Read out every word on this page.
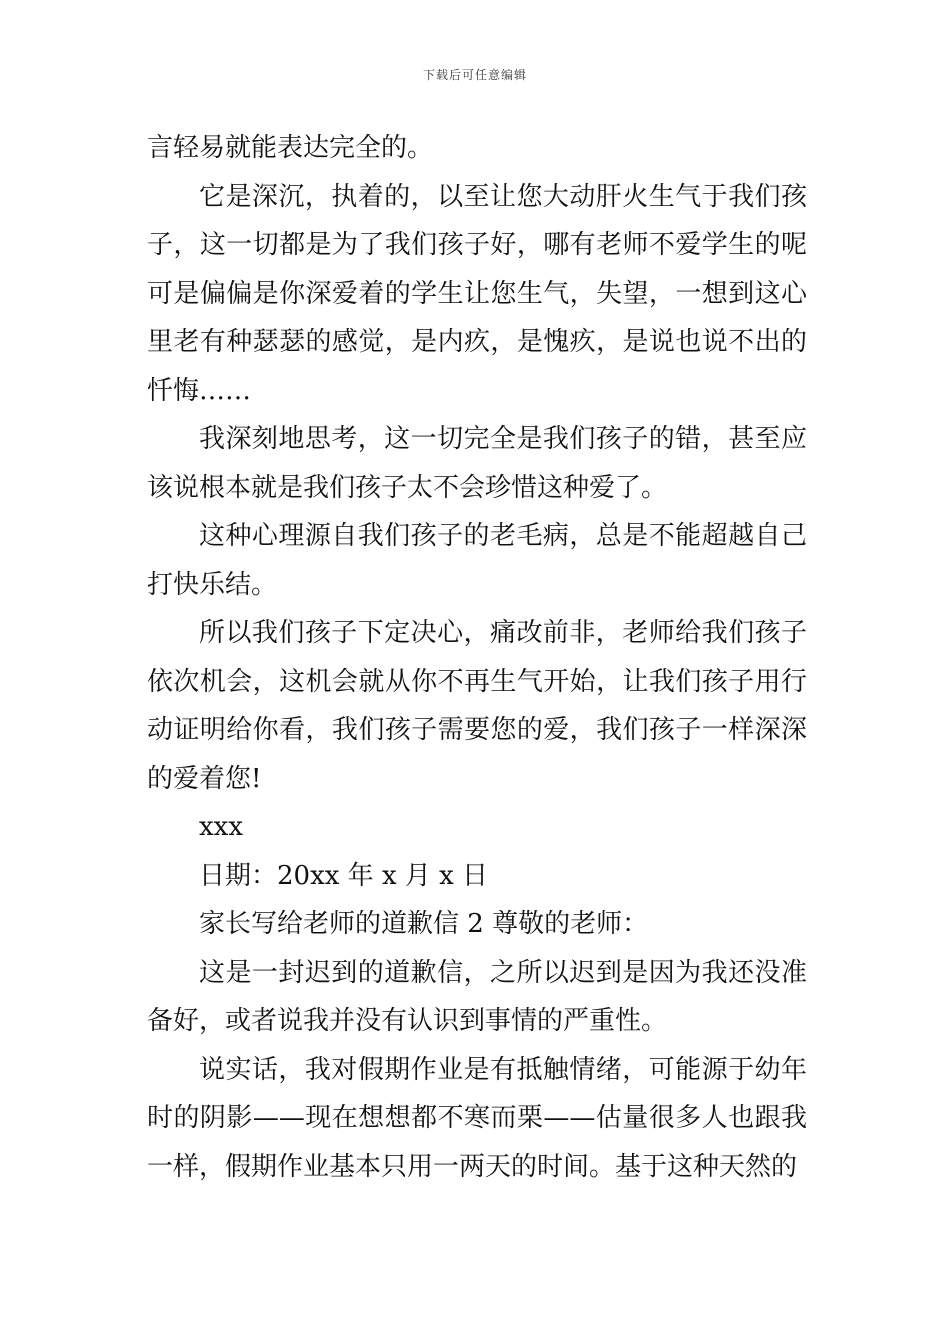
下载后可任意编辑

言轻易就能表达完全的。

它是深沉，执着的，以至让您大动肝火生气于我们孩子，这一切都是为了我们孩子好，哪有老师不爱学生的呢可是偏偏是你深爱着的学生让您生气，失望，一想到这心里老有种瑟瑟的感觉，是内疚，是愧疚，是说也说不出的忏悔……

我深刻地思考，这一切完全是我们孩子的错，甚至应该说根本就是我们孩子太不会珍惜这种爱了。

这种心理源自我们孩子的老毛病，总是不能超越自己打快乐结。

所以我们孩子下定决心，痛改前非，老师给我们孩子依次机会，这机会就从你不再生气开始，让我们孩子用行动证明给你看，我们孩子需要您的爱，我们孩子一样深深的爱着您!

xxx

日期：20xx 年 x 月 x 日

家长写给老师的道歉信 2 尊敬的老师：

这是一封迟到的道歉信，之所以迟到是因为我还没准备好，或者说我并没有认识到事情的严重性。

说实话，我对假期作业是有抵触情绪，可能源于幼年时的阴影——现在想想都不寒而栗——估量很多人也跟我一样，假期作业基本只用一两天的时间。基于这种天然的
